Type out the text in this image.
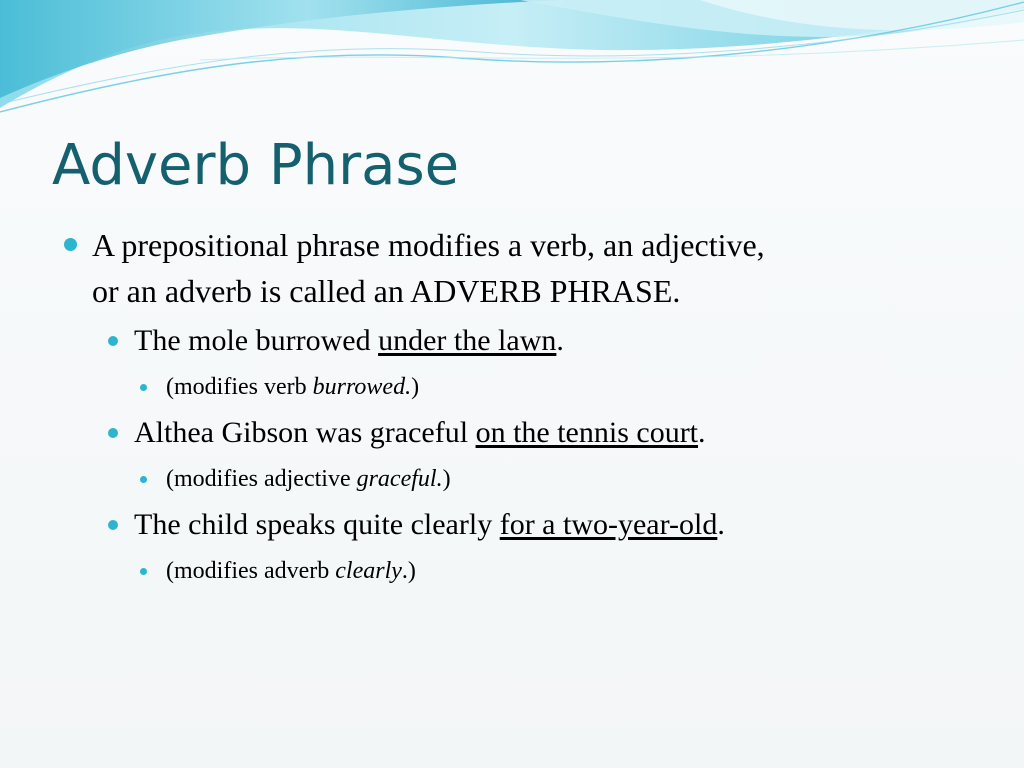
Adverb Phrase

A prepositional phrase modifies a verb, an adjective,
or an adverb is called an ADVERB PHRASE.

The mole burrowed under the lawn.

(modifies verb burrowed.)

Althea Gibson was graceful on the tennis court.

(modifies adjective graceful.)

The child speaks quite clearly for a two-year-old.

(modifies adverb clearly.)
